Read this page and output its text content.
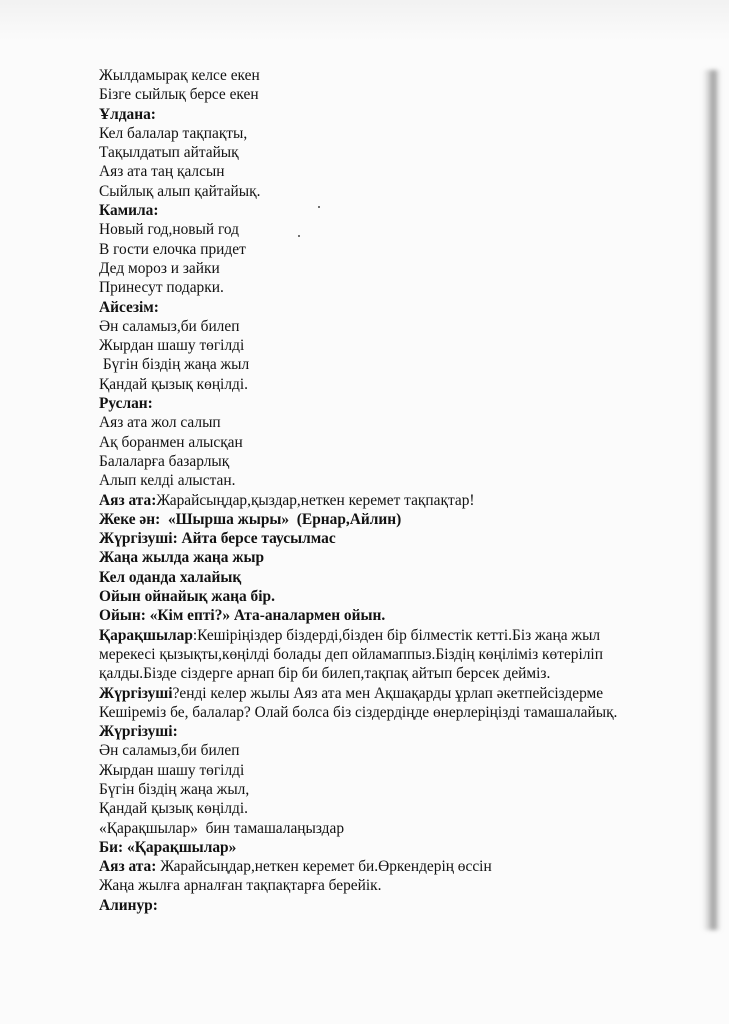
Жылдамырақ келсе екен
Бізге сыйлық берсе екен
Ұлдана:
Кел балалар тақпақты,
Тақылдатып айтайық
Аяз ата таң қалсын
Сыйлық алып қайтайық.
Камила:
Новый год,новый год
В гости елочка придет
Дед мороз и зайки
Принесут подарки.
Айсезім:
Ән саламыз,би билеп
Жырдан шашу төгілді
Бүгін біздің жаңа жыл
Қандай қызық көңілді.
Руслан:
Аяз ата жол салып
Ақ боранмен алысқан
Балаларға базарлық
Алып келді алыстан.
Аяз ата:Жарайсыңдар,қыздар,неткен керемет тақпақтар!
Жеке ән:  «Шырша жыры»  (Ернар,Айлин)
Жүргізуші: Айта берсе таусылмас
Жаңа жылда жаңа жыр
Кел оданда халайық
Ойын ойнайық жаңа бір.
Ойын: «Кім епті?» Ата-аналармен ойын.
Қарақшылар:Кешіріңіздер біздерді,бізден бір білместік кетті.Біз жаңа жыл мерекесі қызықты,көңілді болады деп ойламаппыз.Біздің көңіліміз көтеріліп қалды.Бізде сіздерге арнап бір би билеп,тақпақ айтып берсек дейміз.
Жүргізуші?енді келер жылы Аяз ата мен Ақшақарды ұрлап әкетпейсіздерме Кешіреміз бе, балалар? Олай болса біз сіздердіңде өнерлеріңізді тамашалайық.
Жүргізуші:
Ән саламыз,би билеп
Жырдан шашу төгілді
Бүгін біздің жаңа жыл,
Қандай қызық көңілді.
«Қарақшылар»  бин тамашалаңыздар
Би: «Қарақшылар»
Аяз ата: Жарайсыңдар,неткен керемет би.Өркендерің өссін
Жаңа жылға арналған тақпақтарға берейік.
Алинур:
